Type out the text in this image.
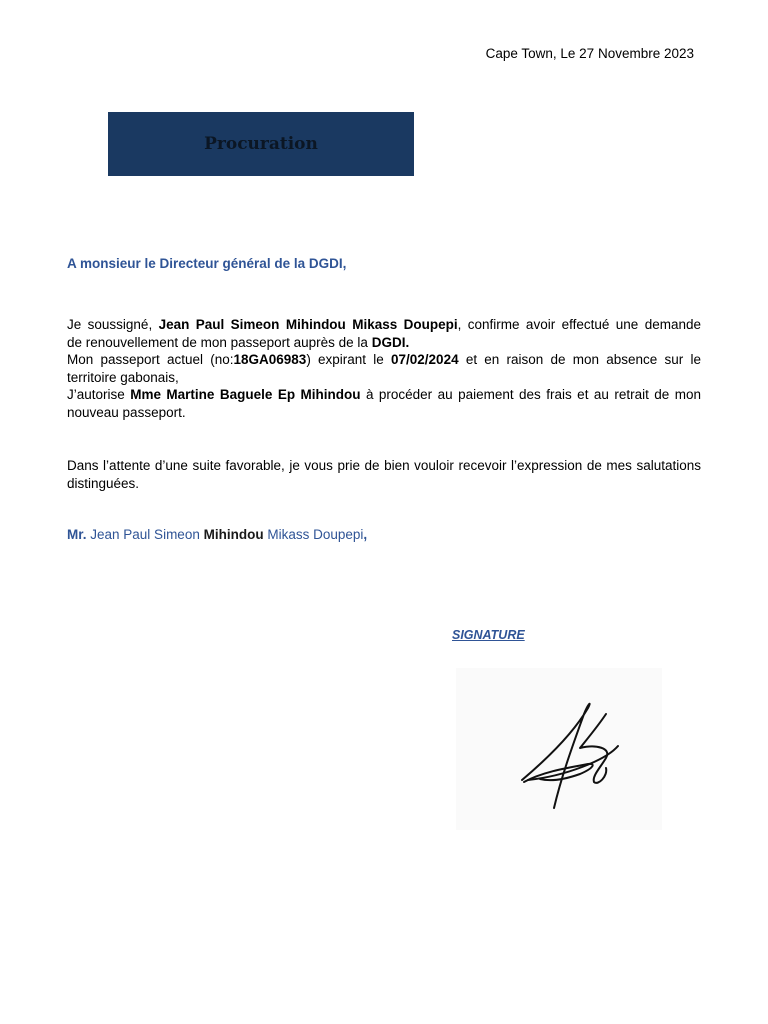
Cape Town, Le 27 Novembre 2023
Procuration
A monsieur le Directeur général de la DGDI,
Je soussigné, Jean Paul Simeon Mihindou Mikass Doupepi, confirme avoir effectué une demande
de renouvellement de mon passeport auprès de la DGDI.
Mon passeport actuel (no:18GA06983) expirant le 07/02/2024 et en raison de mon absence sur le
territoire gabonais,
J’autorise Mme Martine Baguele Ep Mihindou à procéder au paiement des frais et au retrait de mon
nouveau passeport.
Dans l’attente d’une suite favorable, je vous prie de bien vouloir recevoir l’expression de mes salutations distinguées.
Mr. Jean Paul Simeon Mihindou Mikass Doupepi,
SIGNATURE
